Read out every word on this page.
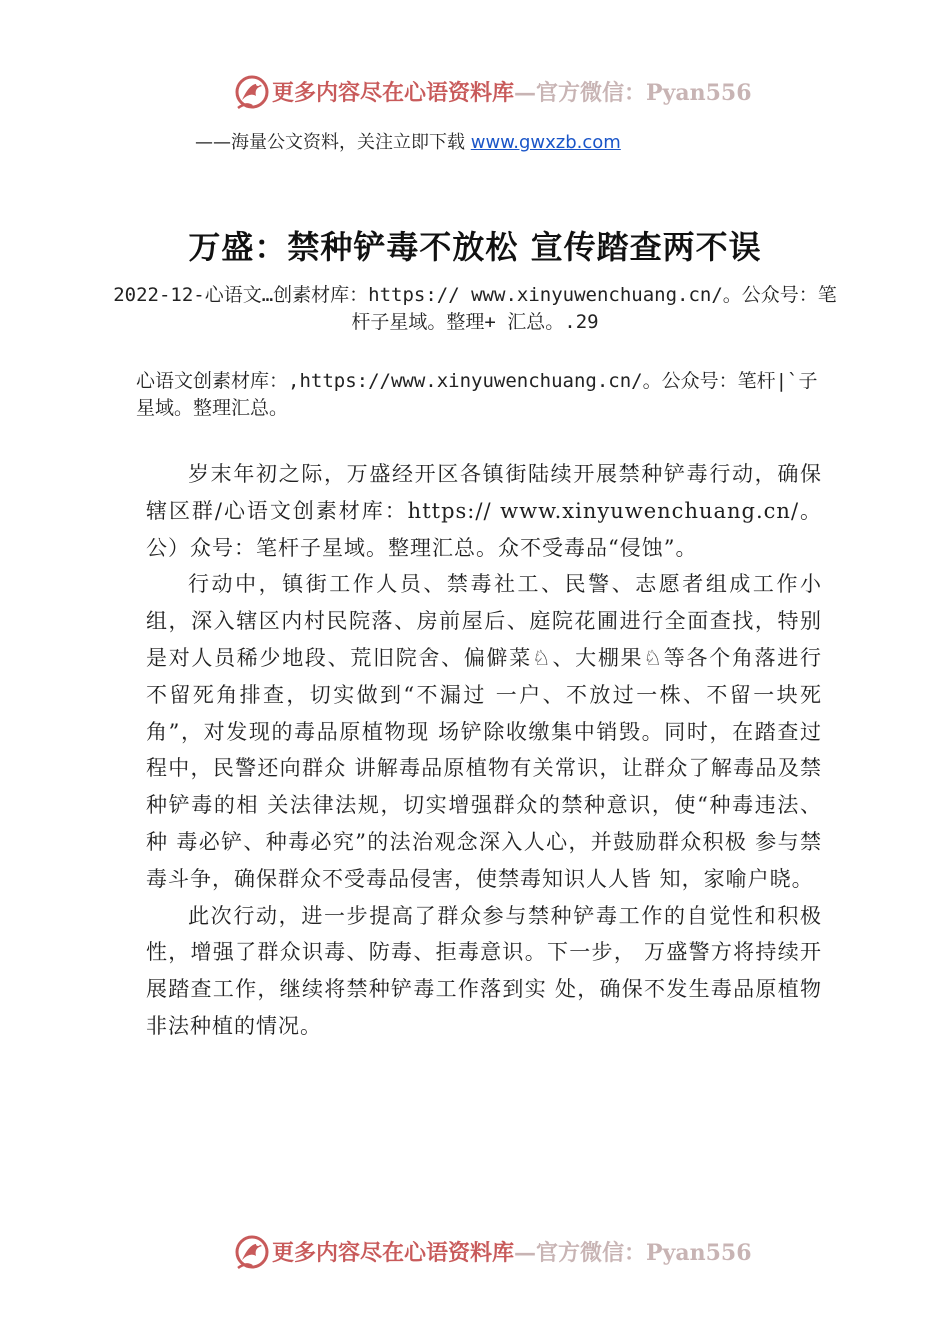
更多内容尽在心语资料库—官方微信：Pyan556
——海量公文资料，关注立即下载 www.gwxzb.com
万盛：禁种铲毒不放松 宣传踏查两不误
2022-12-心语文…创素材库：https:// www.xinyuwenchuang.cn/。公众号：笔杆子星域。整理+ 汇总。.29
心语文创素材库：,https://www.xinyuwenchuang.cn/。公众号：笔杆|`子星域。整理汇总。

岁末年初之际，万盛经开区各镇街陆续开展禁种铲毒行动，确保辖区群/心语文创素材库：https:// www.xinyuwenchuang.cn/。公）众号：笔杆子星域。整理汇总。众不受毒品“侵蚀”。

行动中，镇街工作人员、禁毒社工、民警、志愿者组成工作小组，深入辖区内村民院落、房前屋后、庭院花圃进行全面查找，特别是对人员稀少地段、荒旧院舍、偏僻菜♘、大棚果♘等各个角落进行不留死角排查，切实做到“不漏过 一户、不放过一株、不留一块死角”，对发现的毒品原植物现 场铲除收缴集中销毁。同时，在踏查过程中，民警还向群众 讲解毒品原植物有关常识，让群众了解毒品及禁种铲毒的相 关法律法规，切实增强群众的禁种意识，使“种毒违法、种 毒必铲、种毒必究”的法治观念深入人心，并鼓励群众积极 参与禁毒斗争，确保群众不受毒品侵害，使禁毒知识人人皆 知，家喻户晓。

此次行动，进一步提高了群众参与禁种铲毒工作的自觉性和积极性，增强了群众识毒、防毒、拒毒意识。下一步， 万盛警方将持续开展踏查工作，继续将禁种铲毒工作落到实 处，确保不发生毒品原植物非法种植的情况。

更多内容尽在心语资料库—官方微信：Pyan556
